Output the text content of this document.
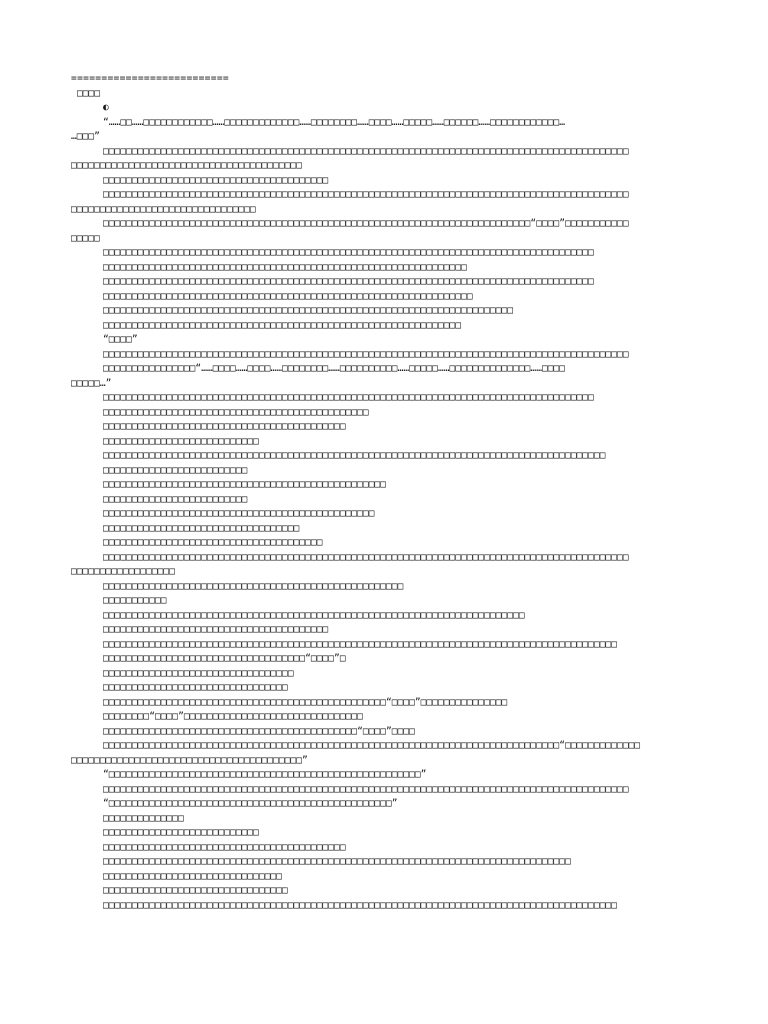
==========================
□□□□
◐
“……□□……□□□□□□□□□□□□……□□□□□□□□□□□□□……□□□□□□□□……□□□□……□□□□□……□□□□□□……□□□□□□□□□□□□…
…□□□”
□□□□□□□□□□□□□□□□□□□□□□□□□□□□□□□□□□□□□□□□□□□□□□□□□□□□□□□□□□□□□□□□□□□□□□□□□□□□□□□□□□□□□□□□□□□
□□□□□□□□□□□□□□□□□□□□□□□□□□□□□□□□□□□□□□□□
□□□□□□□□□□□□□□□□□□□□□□□□□□□□□□□□□□□□□□□
□□□□□□□□□□□□□□□□□□□□□□□□□□□□□□□□□□□□□□□□□□□□□□□□□□□□□□□□□□□□□□□□□□□□□□□□□□□□□□□□□□□□□□□□□□□
□□□□□□□□□□□□□□□□□□□□□□□□□□□□□□□□
□□□□□□□□□□□□□□□□□□□□□□□□□□□□□□□□□□□□□□□□□□□□□□□□□□□□□□□□□□□□□□□□□□□□□□□□□□“□□□□”□□□□□□□□□□□
□□□□□
□□□□□□□□□□□□□□□□□□□□□□□□□□□□□□□□□□□□□□□□□□□□□□□□□□□□□□□□□□□□□□□□□□□□□□□□□□□□□□□□□□□□□
□□□□□□□□□□□□□□□□□□□□□□□□□□□□□□□□□□□□□□□□□□□□□□□□□□□□□□□□□□□□□□□
□□□□□□□□□□□□□□□□□□□□□□□□□□□□□□□□□□□□□□□□□□□□□□□□□□□□□□□□□□□□□□□□□□□□□□□□□□□□□□□□□□□□□
□□□□□□□□□□□□□□□□□□□□□□□□□□□□□□□□□□□□□□□□□□□□□□□□□□□□□□□□□□□□□□□□
□□□□□□□□□□□□□□□□□□□□□□□□□□□□□□□□□□□□□□□□□□□□□□□□□□□□□□□□□□□□□□□□□□□□□□□
□□□□□□□□□□□□□□□□□□□□□□□□□□□□□□□□□□□□□□□□□□□□□□□□□□□□□□□□□□□□□□
“□□□□”
□□□□□□□□□□□□□□□□□□□□□□□□□□□□□□□□□□□□□□□□□□□□□□□□□□□□□□□□□□□□□□□□□□□□□□□□□□□□□□□□□□□□□□□□□□□
□□□□□□□□□□□□□□□□“……□□□□……□□□□……□□□□□□□□……□□□□□□□□□□……□□□□□……□□□□□□□□□□□□□□……□□□□
□□□□□…”
□□□□□□□□□□□□□□□□□□□□□□□□□□□□□□□□□□□□□□□□□□□□□□□□□□□□□□□□□□□□□□□□□□□□□□□□□□□□□□□□□□□□□
□□□□□□□□□□□□□□□□□□□□□□□□□□□□□□□□□□□□□□□□□□□□□□
□□□□□□□□□□□□□□□□□□□□□□□□□□□□□□□□□□□□□□□□□□
□□□□□□□□□□□□□□□□□□□□□□□□□□□
□□□□□□□□□□□□□□□□□□□□□□□□□□□□□□□□□□□□□□□□□□□□□□□□□□□□□□□□□□□□□□□□□□□□□□□□□□□□□□□□□□□□□□□
□□□□□□□□□□□□□□□□□□□□□□□□□
□□□□□□□□□□□□□□□□□□□□□□□□□□□□□□□□□□□□□□□□□□□□□□□□□
□□□□□□□□□□□□□□□□□□□□□□□□□
□□□□□□□□□□□□□□□□□□□□□□□□□□□□□□□□□□□□□□□□□□□□□□□
□□□□□□□□□□□□□□□□□□□□□□□□□□□□□□□□□□
□□□□□□□□□□□□□□□□□□□□□□□□□□□□□□□□□□□□□□
□□□□□□□□□□□□□□□□□□□□□□□□□□□□□□□□□□□□□□□□□□□□□□□□□□□□□□□□□□□□□□□□□□□□□□□□□□□□□□□□□□□□□□□□□□□
□□□□□□□□□□□□□□□□□□
□□□□□□□□□□□□□□□□□□□□□□□□□□□□□□□□□□□□□□□□□□□□□□□□□□□□
□□□□□□□□□□□
□□□□□□□□□□□□□□□□□□□□□□□□□□□□□□□□□□□□□□□□□□□□□□□□□□□□□□□□□□□□□□□□□□□□□□□□□
□□□□□□□□□□□□□□□□□□□□□□□□□□□□□□□□□□□□□□□
□□□□□□□□□□□□□□□□□□□□□□□□□□□□□□□□□□□□□□□□□□□□□□□□□□□□□□□□□□□□□□□□□□□□□□□□□□□□□□□□□□□□□□□□□
□□□□□□□□□□□□□□□□□□□□□□□□□□□□□□□□□□□“□□□□”□
□□□□□□□□□□□□□□□□□□□□□□□□□□□□□□□□□
□□□□□□□□□□□□□□□□□□□□□□□□□□□□□□□□
□□□□□□□□□□□□□□□□□□□□□□□□□□□□□□□□□□□□□□□□□□□□□□□□□“□□□□”□□□□□□□□□□□□□□□
□□□□□□□□“□□□□”□□□□□□□□□□□□□□□□□□□□□□□□□□□□□□□
□□□□□□□□□□□□□□□□□□□□□□□□□□□□□□□□□□□□□□□□□□□□“□□□□”□□□□
□□□□□□□□□□□□□□□□□□□□□□□□□□□□□□□□□□□□□□□□□□□□□□□□□□□□□□□□□□□□□□□□□□□□□□□□□□□□□□□“□□□□□□□□□□□□□
□□□□□□□□□□□□□□□□□□□□□□□□□□□□□□□□□□□□□□□□”
“□□□□□□□□□□□□□□□□□□□□□□□□□□□□□□□□□□□□□□□□□□□□□□□□□□□□□□”
□□□□□□□□□□□□□□□□□□□□□□□□□□□□□□□□□□□□□□□□□□□□□□□□□□□□□□□□□□□□□□□□□□□□□□□□□□□□□□□□□□□□□□□□□□□
“□□□□□□□□□□□□□□□□□□□□□□□□□□□□□□□□□□□□□□□□□□□□□□□□□”
□□□□□□□□□□□□□□
□□□□□□□□□□□□□□□□□□□□□□□□□□□
□□□□□□□□□□□□□□□□□□□□□□□□□□□□□□□□□□□□□□□□□□
□□□□□□□□□□□□□□□□□□□□□□□□□□□□□□□□□□□□□□□□□□□□□□□□□□□□□□□□□□□□□□□□□□□□□□□□□□□□□□□□□
□□□□□□□□□□□□□□□□□□□□□□□□□□□□□□□
□□□□□□□□□□□□□□□□□□□□□□□□□□□□□□□□
□□□□□□□□□□□□□□□□□□□□□□□□□□□□□□□□□□□□□□□□□□□□□□□□□□□□□□□□□□□□□□□□□□□□□□□□□□□□□□□□□□□□□□□□□
